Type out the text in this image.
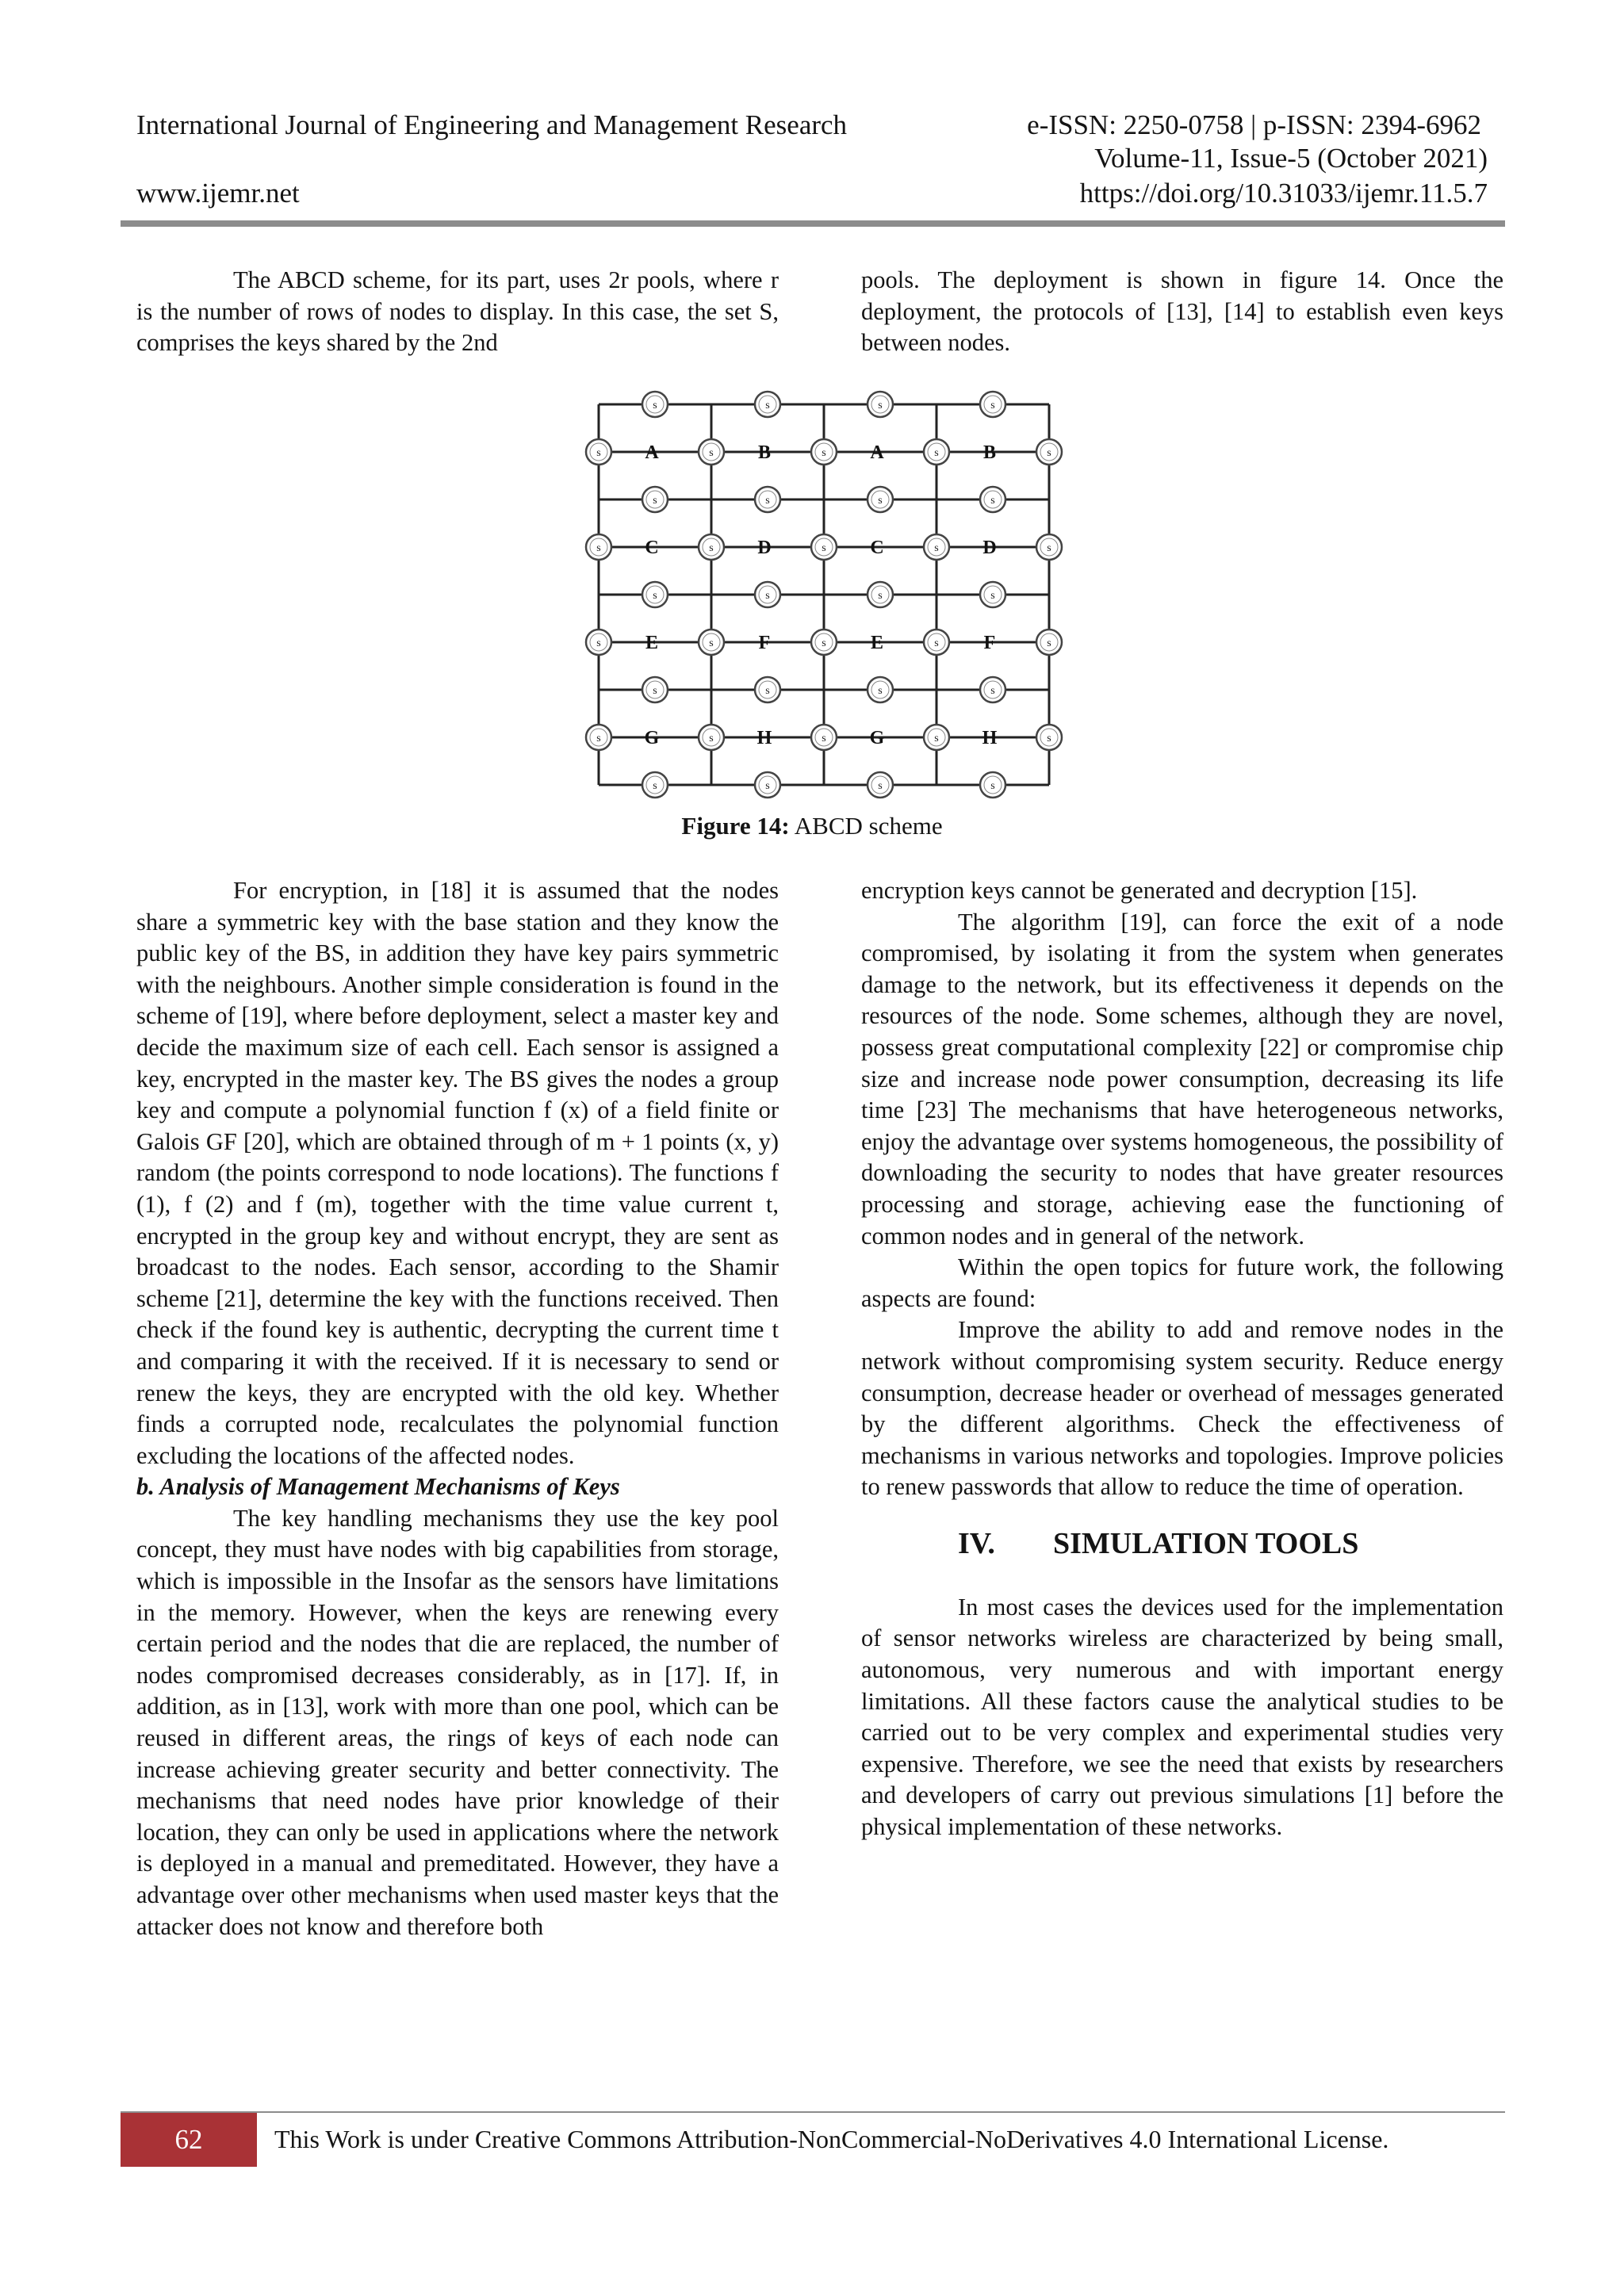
International Journal of Engineering and Management Research	e-ISSN: 2250-0758 | p-ISSN: 2394-6962
Volume-11, Issue-5 (October 2021)
www.ijemr.net	https://doi.org/10.31033/ijemr.11.5.7

The ABCD scheme, for its part, uses 2r pools, where r is the number of rows of nodes to display. In this case, the set S, comprises the keys shared by the 2nd

pools. The deployment is shown in figure 14. Once the deployment, the protocols of [13], [14] to establish even keys between nodes.

s	s	s	s
s	s	s	s
s	s	s	s
s	s	s	s
s	s	s	s
s	s	s	s	s
s	s	s	s	s
s	s	s	s	s
s	s	s	s	s
A	B	A	B
C	D	C	D
E	F	E	F
G	H	G	H
Figure 14: ABCD scheme

For encryption, in [18] it is assumed that the nodes share a symmetric key with the base station and they know the public key of the BS, in addition they have key pairs symmetric with the neighbours. Another simple consideration is found in the scheme of [19], where before deployment, select a master key and decide the maximum size of each cell. Each sensor is assigned a key, encrypted in the master key. The BS gives the nodes a group key and compute a polynomial function f (x) of a field finite or Galois GF [20], which are obtained through of m + 1 points (x, y) random (the points correspond to node locations). The functions f (1), f (2) and f (m), together with the time value current t, encrypted in the group key and without encrypt, they are sent as broadcast to the nodes. Each sensor, according to the Shamir scheme [21], determine the key with the functions received. Then check if the found key is authentic, decrypting the current time t and comparing it with the received. If it is necessary to send or renew the keys, they are encrypted with the old key. Whether finds a corrupted node, recalculates the polynomial function excluding the locations of the affected nodes.

b. Analysis of Management Mechanisms of Keys

The key handling mechanisms they use the key pool concept, they must have nodes with big capabilities from storage, which is impossible in the Insofar as the sensors have limitations in the memory. However, when the keys are renewing every certain period and the nodes that die are replaced, the number of nodes compromised decreases considerably, as in [17]. If, in addition, as in [13], work with more than one pool, which can be reused in different areas, the rings of keys of each node can increase achieving greater security and better connectivity. The mechanisms that need nodes have prior knowledge of their location, they can only be used in applications where the network is deployed in a manual and premeditated. However, they have a advantage over other mechanisms when used master keys that the attacker does not know and therefore both

encryption keys cannot be generated and decryption [15].

The algorithm [19], can force the exit of a node compromised, by isolating it from the system when generates damage to the network, but its effectiveness it depends on the resources of the node. Some schemes, although they are novel, possess great computational complexity [22] or compromise chip size and increase node power consumption, decreasing its life time [23] The mechanisms that have heterogeneous networks, enjoy the advantage over systems homogeneous, the possibility of downloading the security to nodes that have greater resources processing and storage, achieving ease the functioning of common nodes and in general of the network.

Within the open topics for future work, the following aspects are found:

Improve the ability to add and remove nodes in the network without compromising system security. Reduce energy consumption, decrease header or overhead of messages generated by the different algorithms. Check the effectiveness of mechanisms in various networks and topologies. Improve policies to renew passwords that allow to reduce the time of operation.

IV. SIMULATION TOOLS

In most cases the devices used for the implementation of sensor networks wireless are characterized by being small, autonomous, very numerous and with important energy limitations. All these factors cause the analytical studies to be carried out to be very complex and experimental studies very expensive. Therefore, we see the need that exists by researchers and developers of carry out previous simulations [1] before the physical implementation of these networks.

62	This Work is under Creative Commons Attribution-NonCommercial-NoDerivatives 4.0 International License.
